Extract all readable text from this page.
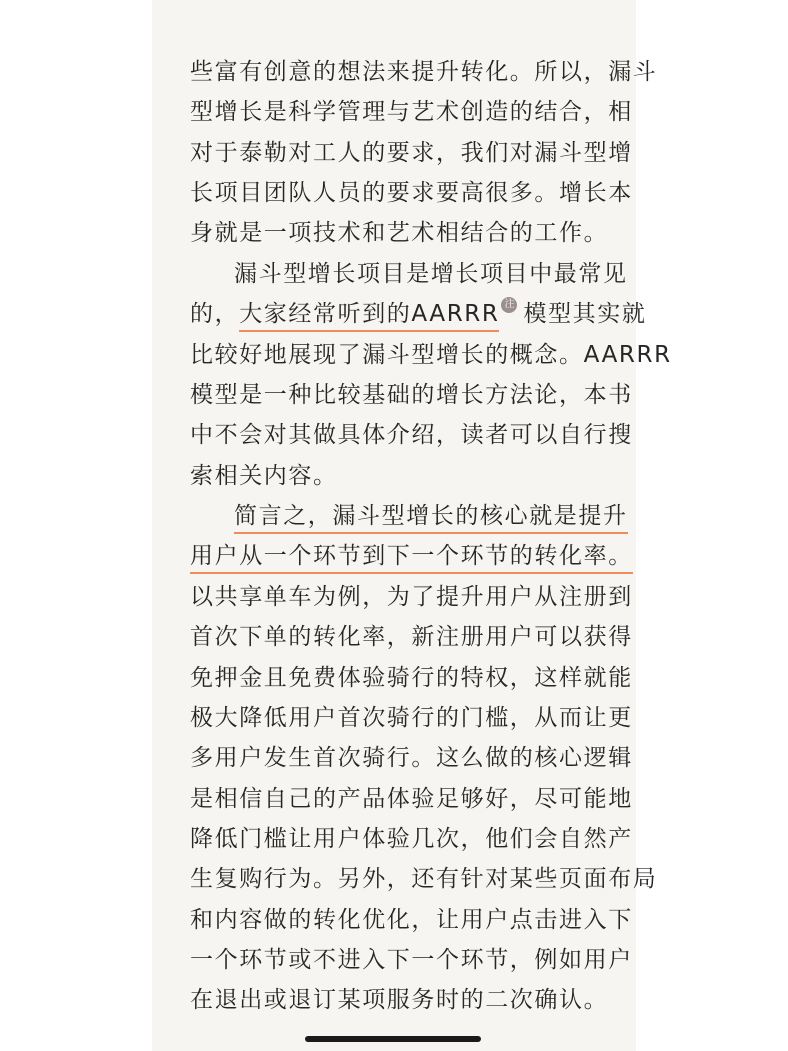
些富有创意的想法来提升转化。所以，漏斗
型增长是科学管理与艺术创造的结合，相
对于泰勒对工人的要求，我们对漏斗型增
长项目团队人员的要求要高很多。增长本
身就是一项技术和艺术相结合的工作。
漏斗型增长项目是增长项目中最常见
的，大家经常听到的AARRR 注 模型其实就
比较好地展现了漏斗型增长的概念。AARRR
模型是一种比较基础的增长方法论，本书
中不会对其做具体介绍，读者可以自行搜
索相关内容。
简言之，漏斗型增长的核心就是提升
用户从一个环节到下一个环节的转化率。
以共享单车为例，为了提升用户从注册到
首次下单的转化率，新注册用户可以获得
免押金且免费体验骑行的特权，这样就能
极大降低用户首次骑行的门槛，从而让更
多用户发生首次骑行。这么做的核心逻辑
是相信自己的产品体验足够好，尽可能地
降低门槛让用户体验几次，他们会自然产
生复购行为。另外，还有针对某些页面布局
和内容做的转化优化，让用户点击进入下
一个环节或不进入下一个环节，例如用户
在退出或退订某项服务时的二次确认。
